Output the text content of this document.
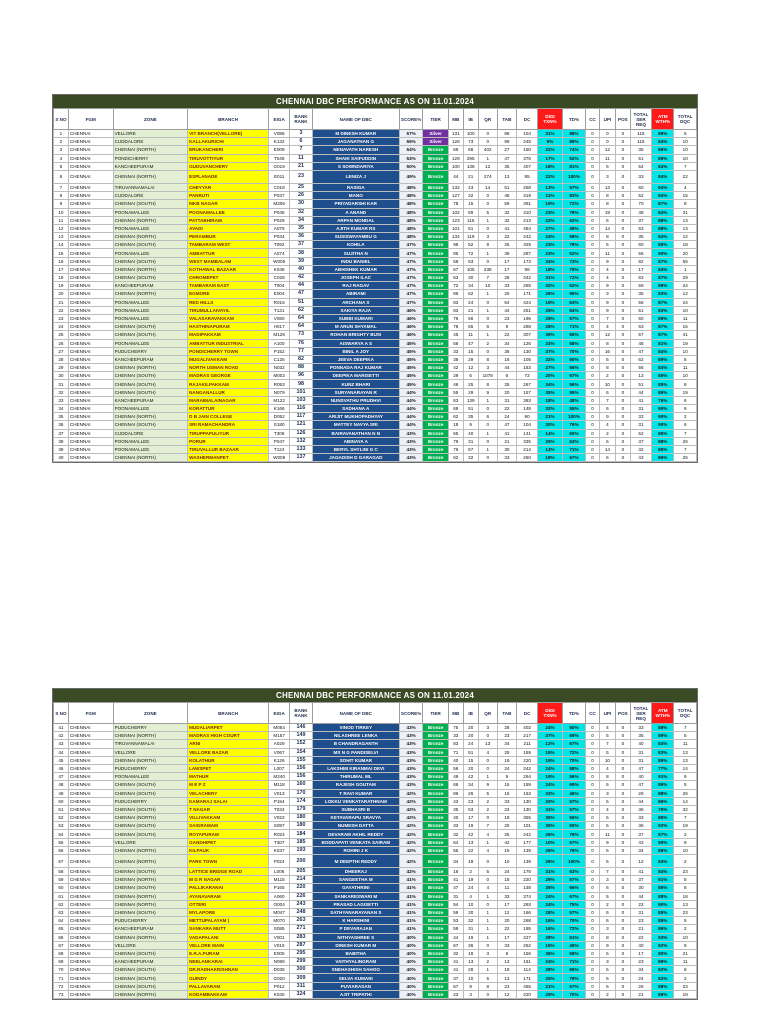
CHENNAI DBC PERFORMANCE AS ON 11.01.2024
S NO	FGM	ZONE	BRANCH	EIGA	BANK RANK	NAME OF DBC	SCORE%	TIER	MB	IB	QR	TAB	DC	DIGI TXN%	TD%	CC	UPI	POS	TOTAL SER REQ	ATM WTH%	TOTAL DQC
1	CHENNAI	VELLORE	VIT BRANCH(VELLORE)	V086	3	M DINESH KUMAR	57%	Silver	131	100	0	88	104	31%	88%	0	0	0	116	89%	5
2	CHENNAI	CUDDALORE	KALLAKURICHI	K132	6	JAGANATHAN G	55%	Silver	128	73	0	99	245	9%	89%	0	0	0	116	84%	10
3	CHENNAI	CHENNAI (NORTH)	ERUKANCHERI	E009	7	NENAVATH NARESH	54%	Bronze	69	68	402	27	150	22%	74%	0	12	0	35	86%	10
4	CHENNAI	PONDICHERRY	TIRUVOTTIYUR	T049	11	SHAIK SAIFUDDIN	53%	Bronze	129	295	1	47	378	17%	52%	0	11	0	51	89%	10
5	CHENNAI	KANCHEEPURAM	GUDUVANCHERY	G019	21	S SOWNDARIYA	50%	Bronze	100	138	12	35	407	18%	81%	0	6	0	54	84%	7
6	CHENNAI	CHENNAI (NORTH)	ESPLANADE	E011	23	LENIZA J	49%	Bronze	44	21	274	13	85	22%	100%	0	3	0	33	84%	22
7	CHENNAI	TIRUVANNAMALAI	CHEYYAR	C018	25	RASIGA	48%	Bronze	132	43	14	51	258	13%	57%	0	13	0	60	94%	4
8	CHENNAI	CUDDALORE	PANRUTI	P037	26	MANO	48%	Bronze	127	32	0	46	319	11%	83%	0	8	0	52	84%	15
9	CHENNAI	CHENNAI (SOUTH)	MKB NAGAR	M206	30	PRIYADARSHI KAR	48%	Bronze	78	15	0	59	391	19%	72%	0	8	0	70	87%	8
10	CHENNAI	POONAMALLEE	POONAMALLEE	P046	32	A ANAND	48%	Bronze	102	59	5	32	310	23%	76%	0	19	0	48	84%	31
11	CHENNAI	CHENNAI (NORTH)	PATTABHIRAM	P029	34	ARPAN MONDAL	48%	Bronze	123	115	1	32	213	22%	62%	0	6	0	37	88%	13
12	CHENNAI	POONAMALLEE	AVADI	A079	35	AJITH KUMAR RS	48%	Bronze	101	51	0	41	484	27%	49%	0	14	0	53	88%	13
13	CHENNAI	CHENNAI (NORTH)	PERAMBUR	P034	36	SUSISWAYAMBU G	48%	Bronze	134	119	3	22	242	24%	58%	0	8	0	35	84%	12
14	CHENNAI	CHENNAI (SOUTH)	TAMBARAM WEST	T092	37	KOHILA	47%	Bronze	98	52	9	25	329	23%	76%	0	5	0	60	85%	18
15	CHENNAI	POONAMALLEE	AMBATTUR	A074	38	SUJITHA N	47%	Bronze	85	72	1	39	287	23%	52%	0	11	0	56	90%	20
16	CHENNAI	CHENNAI (SOUTH)	WEST MAMBALAM	W005	39	INDU BANIEL	47%	Bronze	58	53	0	17	173	34%	73%	0	9	0	92	87%	55
17	CHENNAI	CHENNAI (NORTH)	KOTHAWAL BAZAAR	K048	40	ABHISHEK KUMAR	47%	Bronze	67	105	238	17	98	18%	79%	0	4	0	17	84%	1
18	CHENNAI	CHENNAI (SOUTH)	CHROMEPET	C028	42	JOSEPH ILAC	47%	Bronze	63	30	7	28	342	31%	72%	0	4	0	63	87%	29
19	CHENNAI	KANCHEEPURAM	TAMBARAM EAST	T004	44	RAJ RAGAV	47%	Bronze	72	34	10	33	265	32%	62%	0	9	0	59	89%	24
20	CHENNAI	CHENNAI (NORTH)	EGMORE	E004	47	ABIRAMI	47%	Bronze	86	62	1	20	171	26%	96%	0	3	0	35	83%	12
21	CHENNAI	POONAMALLEE	RED HILLS	R016	51	ARCHANA S	47%	Bronze	83	24	0	54	424	19%	63%	0	9	0	56	87%	24
22	CHENNAI	POONAMALLEE	TIRUMULLAIVAYIL	T131	62	SAKIYA RAJA	46%	Bronze	83	21	1	44	251	25%	64%	0	9	0	51	83%	10
23	CHENNAI	POONAMALLEE	VALASARAVAKKAM	V080	64	SUBBI KUMARI	46%	Bronze	76	56	0	23	196	29%	57%	0	7	0	60	89%	11
24	CHENNAI	CHENNAI (SOUTH)	HASTHINAPURAM	H017	64	M ARUN SHYAMAL	46%	Bronze	78	65	6	9	288	28%	71%	0	4	0	63	87%	15
25	CHENNAI	CHENNAI (SOUTH)	MADIPAKKAM	M126	73	ROHAN BRIGHTY BUSI	46%	Bronze	45	11	1	22	307	39%	55%	0	12	0	57	87%	41
26	CHENNAI	POONAMALLEE	AMBATTUR INDUSTRIAL	A100	76	AISWARYA A S	45%	Bronze	56	47	2	34	126	33%	58%	0	8	0	48	81%	19
27	CHENNAI	PUDUCHERRY	PONDICHERRY TOWN	P152	77	BINIL A JOY	45%	Bronze	33	15	0	36	130	37%	70%	0	16	0	47	84%	10
28	CHENNAI	KANCHEEPURAM	MUGALIVAKKAM	C125	82	JEEVA DEEPIKA	45%	Bronze	38	29	8	16	105	32%	90%	0	5	0	62	89%	6
29	CHENNAI	CHENNAI (NORTH)	NORTH USMAN ROAD	N032	88	PONNADA RAJ KUMAR	45%	Bronze	42	12	3	44	153	27%	56%	0	8	0	56	84%	11
30	CHENNAI	CHENNAI (SOUTH)	MADRAS GEORGE	M002	96	DEEPIKA MARISETTI	45%	Bronze	29	6	1078	6	72	20%	67%	0	2	0	13	85%	10
31	CHENNAI	CHENNAI (SOUTH)	RAJAKILPAKKAM	R053	98	KUNZ BHARI	45%	Bronze	46	25	8	25	267	34%	56%	0	10	0	51	85%	8
32	CHENNAI	CHENNAI (SOUTH)	NANGANALLUR	N079	101	SURYANARAYAN R	44%	Bronze	55	29	9	20	157	35%	55%	0	6	0	44	89%	19
33	CHENNAI	KANCHEEPURAM	MARAIMALAINAGAR	M122	103	NUNSVATHU PRUDHVI	44%	Bronze	63	139	1	31	383	18%	48%	0	7	0	41	76%	6
34	CHENNAI	POONAMALLEE	KORATTUR	K166	116	SADHANA A	44%	Bronze	69	51	0	22	148	32%	55%	0	6	0	31	90%	6
35	CHENNAI	CHENNAI (NORTH)	D B JAIN COLLEGE	D052	117	ARIJIT MUKHOPADHYAY	44%	Bronze	62	35	6	24	90	21%	100%	0	9	0	33	90%	2
36	CHENNAI	CHENNAI (SOUTH)	SRI RAMACHANDRA	S180	121	MATTEY NAVYA SRI	44%	Bronze	18	9	0	47	104	30%	76%	0	4	0	31	90%	6
37	CHENNAI	CUDDALORE	TIRUPPAPULIYUR	T308	126	BAIRAVANATHAN N N	43%	Bronze	65	40	1	41	141	14%	60%	0	2	0	52	85%	7
38	CHENNAI	POONAMALLEE	PORUR	P047	132	ABINAYA A	43%	Bronze	79	31	0	21	335	25%	63%	0	6	0	37	88%	26
39	CHENNAI	POONAMALLEE	TIRUVALLUR BAZAAR	T124	133	BERYL SHYLINI G C	43%	Bronze	76	67	1	30	214	13%	71%	0	14	0	32	85%	7
40	CHENNAI	CHENNAI (NORTH)	WASHERMANPET	W009	137	JAGADISH D GARAGAD	43%	Bronze	62	32	0	33	260	19%	67%	0	6	0	43	86%	25
CHENNAI DBC PERFORMANCE AS ON 11.01.2024
S NO	FGM	ZONE	BRANCH	EIGA	BANK RANK	NAME OF DBC	SCORE%	TIER	MB	IB	QR	TAB	DC	DIGI TXN%	TD%	CC	UPI	POS	TOTAL SER REQ	ATM WTH%	TOTAL DQC
41	CHENNAI	PUDUCHERRY	MUDALIARPET	M054	146	VINOD TIRKEY	43%	Bronze	75	20	3	28	402	24%	50%	0	4	0	33	88%	7
42	CHENNAI	CHENNAI (NORTH)	MADRAS HIGH COURT	M157	149	NILASHREE LENKA	43%	Bronze	33	20	0	23	217	37%	69%	0	5	0	35	89%	5
43	CHENNAI	TIRUVANNAMALAI	ARNI	A029	152	B CHANDRAGANTH	43%	Bronze	83	24	13	34	211	12%	67%	0	7	0	40	84%	11
44	CHENNAI	VELLORE	VELLORE BAZAR	V067	154	MS N G PANDISELVI	43%	Bronze	71	51	4	25	159	15%	72%	0	5	0	31	83%	13
45	CHENNAI	CHENNAI (NORTH)	KOLATHUR	K126	155	SOHIT KUMAR	43%	Bronze	40	15	0	19	220	19%	70%	0	10	0	31	89%	13
46	CHENNAI	PUDUCHERRY	LAWSPET	L007	156	LAKSHMI KIRANMAI DEVI	43%	Bronze	56	20	0	24	242	24%	58%	0	4	0	47	77%	14
47	CHENNAI	POONAMALLEE	MATHUR	M240	156	THIRUMAL ML	43%	Bronze	49	42	1	5	294	19%	56%	0	8	0	40	91%	9
48	CHENNAI	CHENNAI (SOUTH)	M E P Z	M118	160	RAJESH GOUTAM	43%	Bronze	66	34	9	15	159	24%	69%	0	6	0	47	89%	5
49	CHENNAI	CHENNAI (SOUTH)	VELACHERY	V013	170	T RAVI KUMAR	42%	Bronze	86	26	5	16	163	33%	46%	0	3	0	29	88%	26
50	CHENNAI	PUDUCHERRY	KAMARAJ SALAI	P154	174	LOKKU VENKATARATHNAM	42%	Bronze	43	23	2	33	130	20%	67%	0	5	0	44	86%	14
51	CHENNAI	CHENNAI (SOUTH)	T NAGAR	T034	179	SUBHASRI B	42%	Bronze	35	53	2	23	130	31%	57%	0	4	0	36	75%	32
52	CHENNAI	CHENNAI (NORTH)	VILLIVAKKAM	V023	180	KETAVARAPU SRAVYA	42%	Bronze	40	17	0	18	355	35%	56%	0	5	0	33	85%	7
53	CHENNAI	CHENNAI (SOUTH)	SAIGRAMAM	S087	180	NUMESH DATTA	42%	Bronze	33	19	7	20	101	35%	50%	0	5	0	36	92%	19
54	CHENNAI	CHENNAI (SOUTH)	ROYAPURAM	R024	184	DEVARAM AKHIL REDDY	42%	Bronze	32	42	4	25	242	26%	76%	0	11	0	37	87%	2
55	CHENNAI	VELLORE	GANDHIPET	T307	185	BODDAPATI VENKATA SAIRAM	42%	Bronze	64	13	1	42	177	10%	67%	0	9	0	43	90%	9
56	CHENNAI	CHENNAI (NORTH)	KILPAUK	K037	193	ROHINI J K	42%	Bronze	55	22	4	15	139	26%	76%	0	5	0	34	86%	10
57	CHENNAI	CHENNAI (NORTH)	PARK TOWN	P024	200	M DEEPTHI REDDY	42%	Bronze	34	19	0	10	139	26%	100%	0	5	0	12	84%	2
58	CHENNAI	CHENNAI (SOUTH)	LATTICE BRIDGE ROAD	L006	205	DHEERAJ	42%	Bronze	16	2	5	24	175	31%	63%	0	7	0	41	84%	23
59	CHENNAI	CHENNAI (NORTH)	M G R NAGAR	M115	214	SANGEETHA M	41%	Bronze	41	19	0	18	220	29%	57%	0	3	0	37	91%	8
60	CHENNAI	CHENNAI (SOUTH)	PALLIKARANAI	P165	220	GAYATHRINI	41%	Bronze	47	24	4	11	138	35%	66%	0	6	0	30	85%	8
61	CHENNAI	CHENNAI (NORTH)	AYANAVARAM	A060	226	SANKARESWARI M	41%	Bronze	31	4	1	33	374	24%	67%	0	5	0	44	88%	18
62	CHENNAI	CHENNAI (NORTH)	OTTERI	O004	243	PRASAD LAGISETTI	41%	Bronze	54	10	0	17	293	24%	75%	0	2	0	22	90%	13
63	CHENNAI	CHENNAI (SOUTH)	MYLAPORE	M047	248	SATHYANARAYANAN S	41%	Bronze	59	30	1	12	166	28%	57%	0	6	0	31	85%	23
64	CHENNAI	PUDUCHERRY	METTUPALAYAM (	M070	263	K HARSHINI	41%	Bronze	53	32	1	20	268	16%	70%	0	6	0	23	85%	5
65	CHENNAI	KANCHEEPURAM	SANKARA MUTT	S085	271	P DEVARAJAN	41%	Bronze	59	31	1	22	195	16%	72%	0	3	0	21	86%	2
66	CHENNAI	CHENNAI (NORTH)	VADAPALANI	V001	283	NITHYASHREE S	40%	Bronze	44	19	1	17	227	28%	61%	0	8	0	22	93%	10
67	CHENNAI	VELLORE	VELLORE MAIN	V016	287	DINESH KUMAR M	40%	Bronze	67	36	0	33	262	15%	45%	0	9	0	40	82%	9
68	CHENNAI	CHENNAI (SOUTH)	E.R.A.PURAM	E005	295	BABITHA	40%	Bronze	32	18	3	8	156	36%	58%	0	5	0	17	80%	21
69	CHENNAI	KANCHEEPURAM	NEELANKARAI	N089	299	VAITHYALINGRAM	40%	Bronze	41	13	2	13	161	24%	71%	0	3	0	23	89%	11
70	CHENNAI	CHENNAI (SOUTH)	DR.RADHAKRISHNAN	D035	300	SNEHASHISH SAHOO	40%	Bronze	41	28	1	18	114	28%	65%	0	5	0	34	82%	8
71	CHENNAI	CHENNAI (SOUTH)	GUINDY	G020	309	SELVA KUMARI	40%	Bronze	37	10	5	13	171	25%	78%	0	6	0	24	82%	2
72	CHENNAI	CHENNAI (SOUTH)	PALLAVARAM	P012	311	PUVIARASAN	40%	Bronze	67	9	8	23	465	21%	67%	0	6	0	26	88%	23
73	CHENNAI	CHENNAI (NORTH)	KODAMBAKKAM	K040	324	AJIT TRIPATHI	40%	Bronze	23	3	0	12	220	29%	70%	0	2	0	21	89%	18
